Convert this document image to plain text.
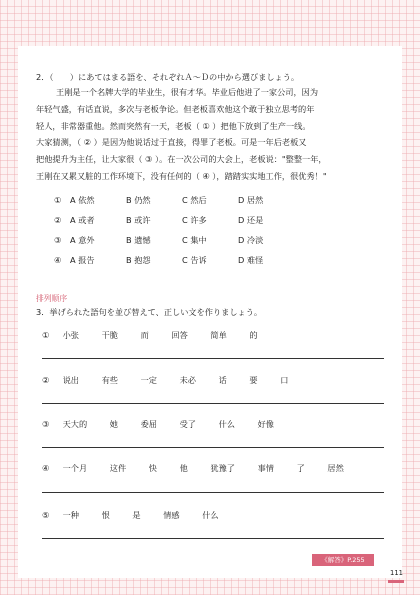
2．（　　）にあてはまる語を、それぞれＡ～Ｄの中から選びましょう。
王刚是一个名牌大学的毕业生，很有才华。毕业后他进了一家公司，因为
年轻气盛，有话直说，多次与老板争论。但老板喜欢他这个敢于独立思考的年
轻人，非常器重他。然而突然有一天，老板（ ① ）把他下放到了生产一线。
大家猜测，（ ② ）是因为他说话过于直接，得罪了老板。可是一年后老板又
把他提升为主任，让大家很（ ③ ）。在一次公司的大会上，老板说："整整一年，
王刚在又累又脏的工作环境下，没有任何的（ ④ ），踏踏实实地工作，很优秀！"
①	A 依然	B 仍然	C 然后	D 居然
②	A 或者	B 或许	C 许多	D 还是
③	A 意外	B 遗憾	C 集中	D 冷淡
④	A 报告	B 抱怨	C 告诉	D 难怪
排列顺序
3．挙げられた語句を並び替えて、正しい文を作りましょう。
① 小张	干脆	而	回答	简单	的
② 说出	有些	一定	未必	话	要	口
③ 天大的	她	委屈	受了	什么	好像
④ 一个月	这件	快	他	犹豫了	事情	了	居然
⑤ 一种	恨	是	情感	什么
《解答》P.255
111
